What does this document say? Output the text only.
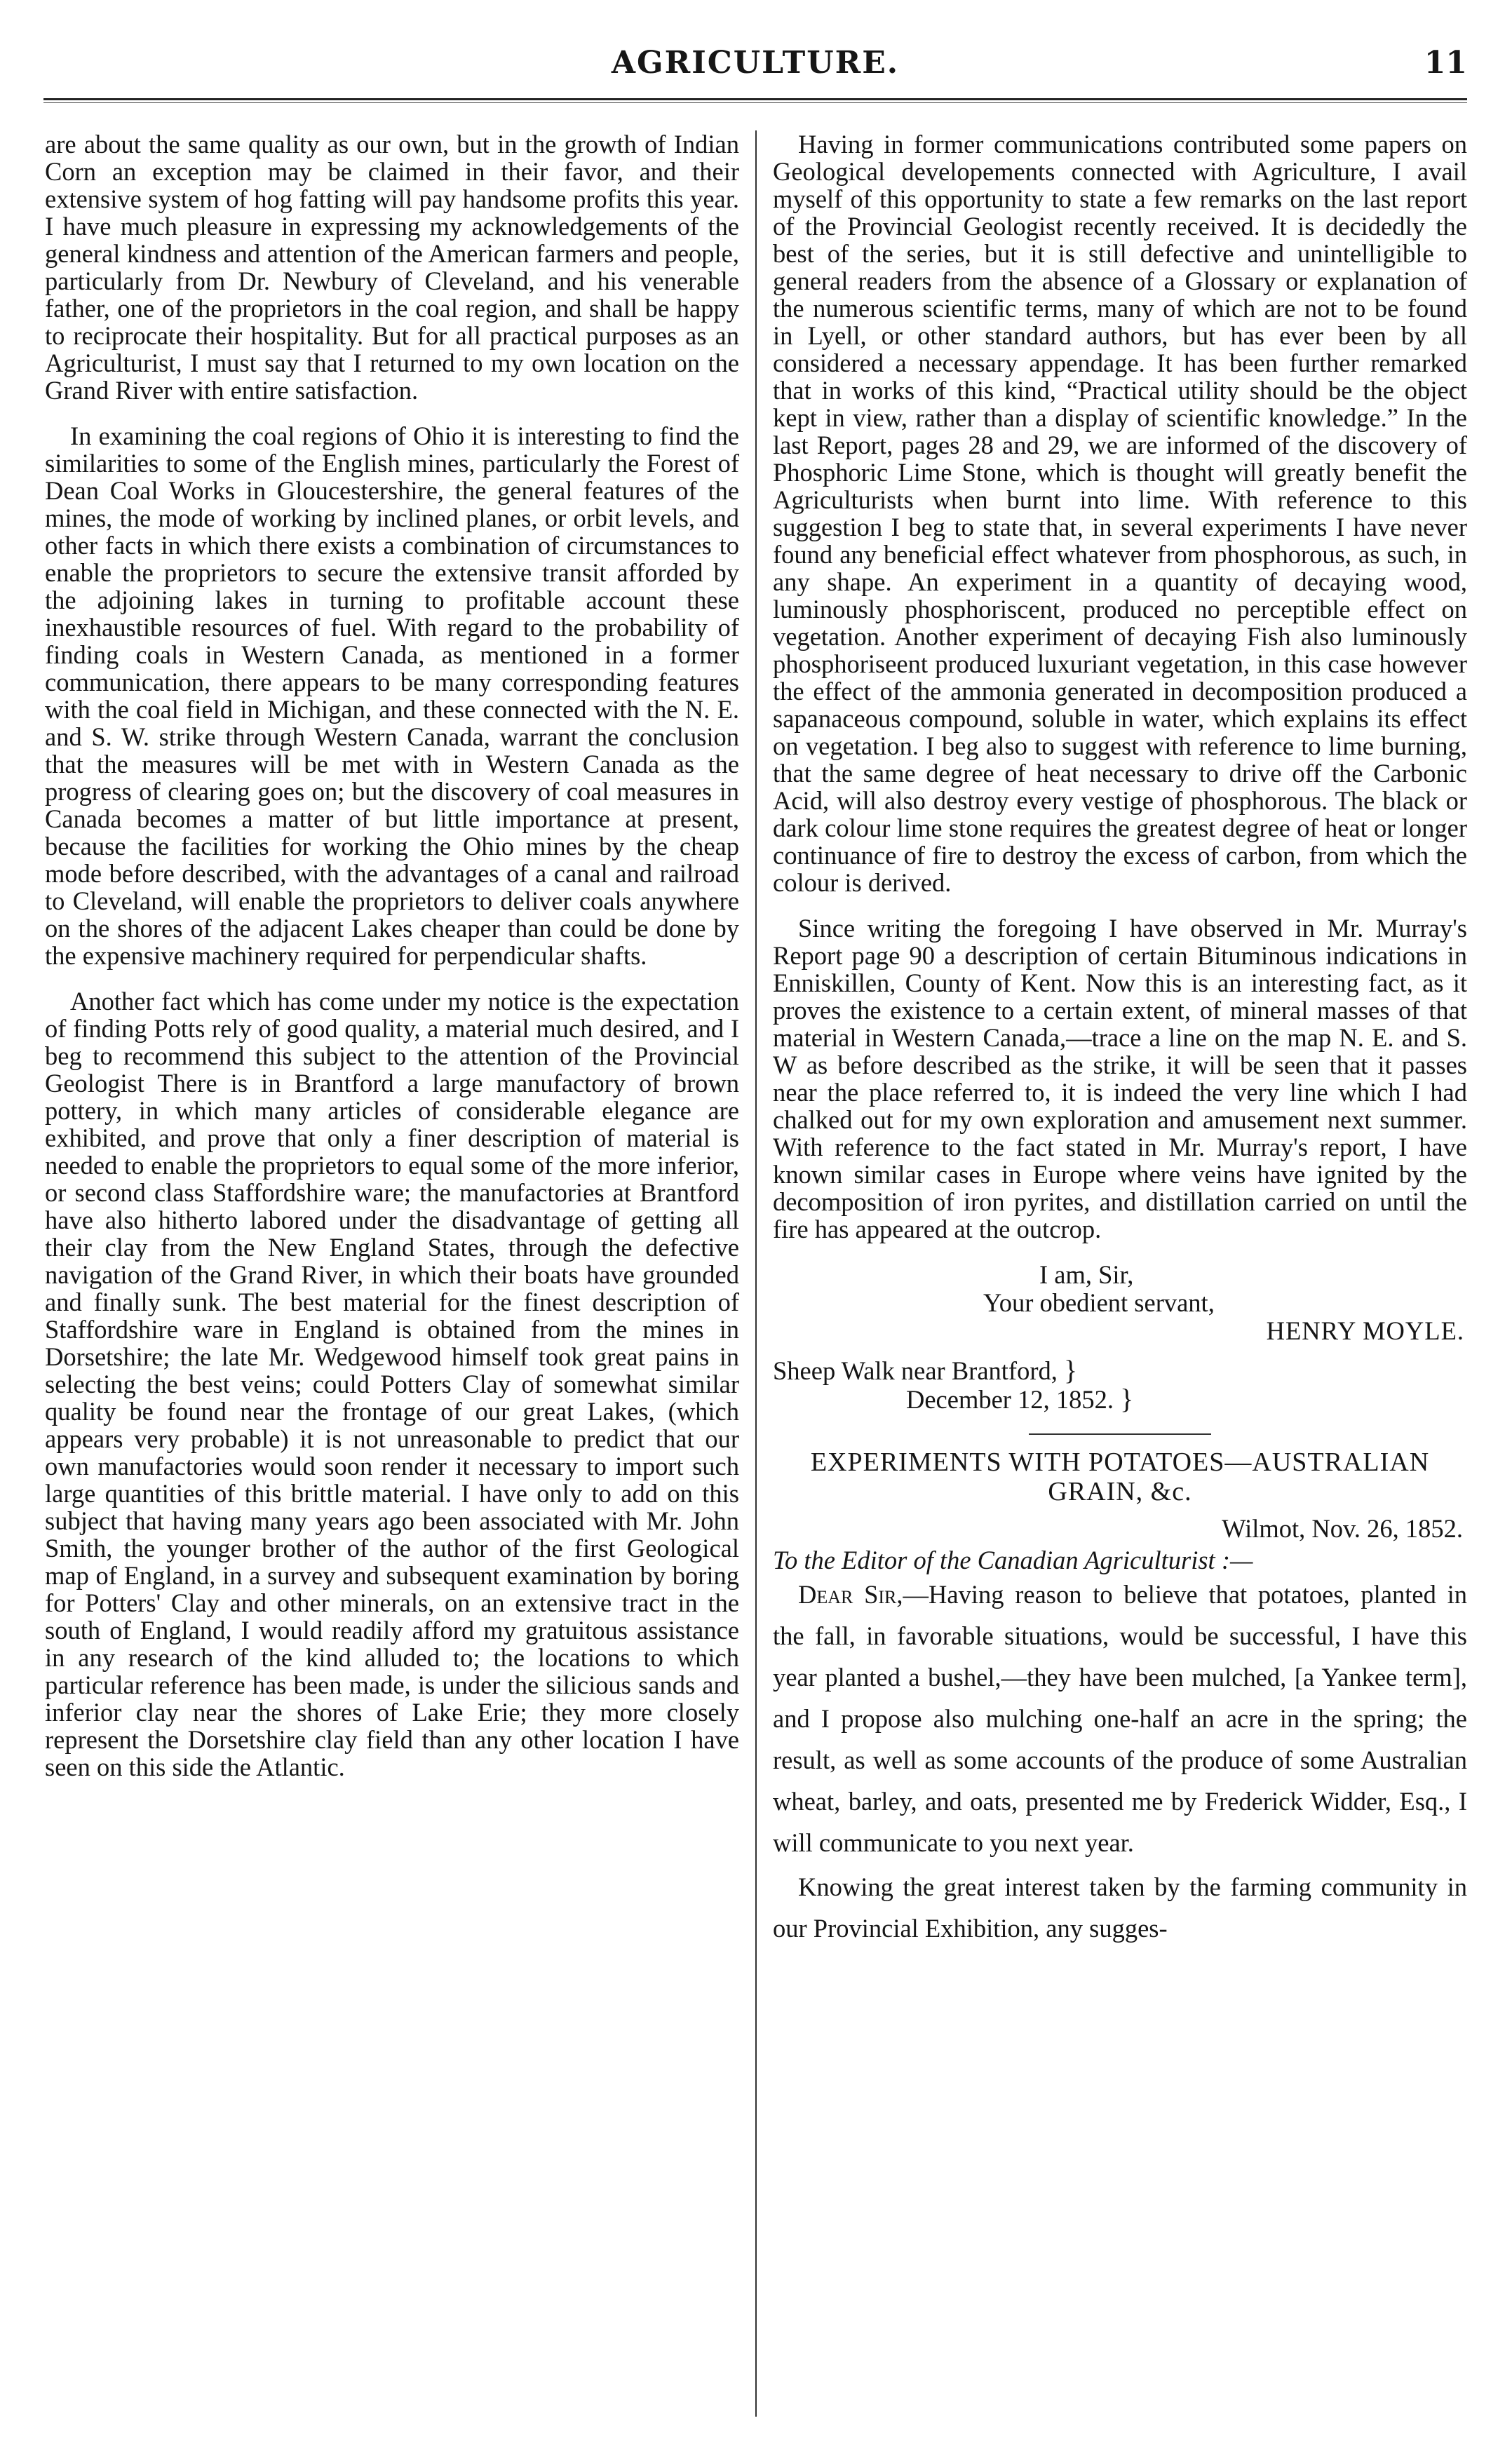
AGRICULTURE.	11

are about the same quality as our own, but in the growth of Indian Corn an exception may be claimed in their favor, and their extensive system of hog fatting will pay handsome profits this year. I have much pleasure in expressing my acknowledgements of the general kindness and attention of the American farmers and people, particularly from Dr. Newbury of Cleveland, and his venerable father, one of the proprietors in the coal region, and shall be happy to reciprocate their hospitality. But for all practical purposes as an Agriculturist, I must say that I returned to my own location on the Grand River with entire satisfaction.

In examining the coal regions of Ohio it is interesting to find the similarities to some of the English mines, particularly the Forest of Dean Coal Works in Gloucestershire, the general features of the mines, the mode of working by inclined planes, or orbit levels, and other facts in which there exists a combination of circumstances to enable the proprietors to secure the extensive transit afforded by the adjoining lakes in turning to profitable account these inexhaustible resources of fuel. With regard to the probability of finding coals in Western Canada, as mentioned in a former communication, there appears to be many corresponding features with the coal field in Michigan, and these connected with the N. E. and S. W. strike through Western Canada, warrant the conclusion that the measures will be met with in Western Canada as the progress of clearing goes on; but the discovery of coal measures in Canada becomes a matter of but little importance at present, because the facilities for working the Ohio mines by the cheap mode before described, with the advantages of a canal and railroad to Cleveland, will enable the proprietors to deliver coals anywhere on the shores of the adjacent Lakes cheaper than could be done by the expensive machinery required for perpendicular shafts.

Another fact which has come under my notice is the expectation of finding Potts rely of good quality, a material much desired, and I beg to recommend this subject to the attention of the Provincial Geologist There is in Brantford a large manufactory of brown pottery, in which many articles of considerable elegance are exhibited, and prove that only a finer description of material is needed to enable the proprietors to equal some of the more inferior, or second class Staffordshire ware; the manufactories at Brantford have also hitherto labored under the disadvantage of getting all their clay from the New England States, through the defective navigation of the Grand River, in which their boats have grounded and finally sunk. The best material for the finest description of Staffordshire ware in England is obtained from the mines in Dorsetshire; the late Mr. Wedgewood himself took great pains in selecting the best veins; could Potters Clay of somewhat similar quality be found near the frontage of our great Lakes, (which appears very probable) it is not unreasonable to predict that our own manufactories would soon render it necessary to import such large quantities of this brittle material. I have only to add on this subject that having many years ago been associated with Mr. John Smith, the younger brother of the author of the first Geological map of England, in a survey and subsequent examination by boring for Potters' Clay and other minerals, on an extensive tract in the south of England, I would readily afford my gratuitous assistance in any research of the kind alluded to; the locations to which particular reference has been made, is under the silicious sands and inferior clay near the shores of Lake Erie; they more closely represent the Dorsetshire clay field than any other location I have seen on this side the Atlantic.

Having in former communications contributed some papers on Geological developements connected with Agriculture, I avail myself of this opportunity to state a few remarks on the last report of the Provincial Geologist recently received. It is decidedly the best of the series, but it is still defective and unintelligible to general readers from the absence of a Glossary or explanation of the numerous scientific terms, many of which are not to be found in Lyell, or other standard authors, but has ever been by all considered a necessary appendage. It has been further remarked that in works of this kind, “Practical utility should be the object kept in view, rather than a display of scientific knowledge.” In the last Report, pages 28 and 29, we are informed of the discovery of Phosphoric Lime Stone, which is thought will greatly benefit the Agriculturists when burnt into lime. With reference to this suggestion I beg to state that, in several experiments I have never found any beneficial effect whatever from phosphorous, as such, in any shape. An experiment in a quantity of decaying wood, luminously phosphoriscent, produced no perceptible effect on vegetation. Another experiment of decaying Fish also luminously phosphoriseent produced luxuriant vegetation, in this case however the effect of the ammonia generated in decomposition produced a sapanaceous compound, soluble in water, which explains its effect on vegetation. I beg also to suggest with reference to lime burning, that the same degree of heat necessary to drive off the Carbonic Acid, will also destroy every vestige of phosphorous. The black or dark colour lime stone requires the greatest degree of heat or longer continuance of fire to destroy the excess of carbon, from which the colour is derived.

Since writing the foregoing I have observed in Mr. Murray's Report page 90 a description of certain Bituminous indications in Enniskillen, County of Kent. Now this is an interesting fact, as it proves the existence to a certain extent, of mineral masses of that material in Western Canada,—trace a line on the map N. E. and S. W as before described as the strike, it will be seen that it passes near the place referred to, it is indeed the very line which I had chalked out for my own exploration and amusement next summer. With reference to the fact stated in Mr. Murray's report, I have known similar cases in Europe where veins have ignited by the decomposition of iron pyrites, and distillation carried on until the fire has appeared at the outcrop.

I am, Sir,
Your obedient servant,
HENRY MOYLE.
Sheep Walk near Brantford, }
December 12, 1852. }
EXPERIMENTS WITH POTATOES—AUSTRALIAN GRAIN, &c.
Wilmot, Nov. 26, 1852.
To the Editor of the Canadian Agriculturist :—

Dear Sir,—Having reason to believe that potatoes, planted in the fall, in favorable situations, would be successful, I have this year planted a bushel,—they have been mulched, [a Yankee term], and I propose also mulching one-half an acre in the spring; the result, as well as some accounts of the produce of some Australian wheat, barley, and oats, presented me by Frederick Widder, Esq., I will communicate to you next year.

Knowing the great interest taken by the farming community in our Provincial Exhibition, any sugges-
